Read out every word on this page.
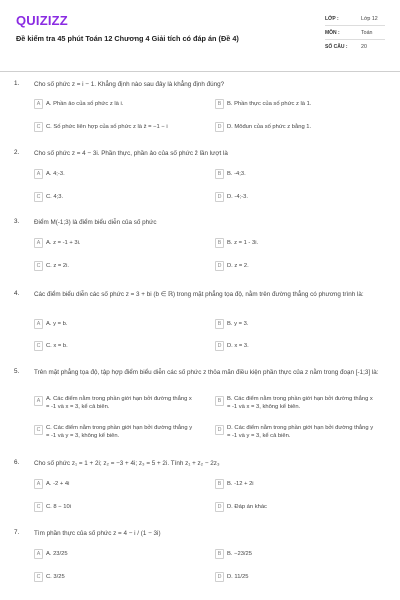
QUIZIZZ
Đề kiểm tra 45 phút Toán 12 Chương 4 Giải tích có đáp án (Đề 4)
LỚP :	Lớp 12
MÔN :	Toán
SỐ CÂU :	20
1. Cho số phức z = i − 1. Khẳng định nào sau đây là khẳng định đúng?
A A. Phần ảo của số phức z là i.	B B. Phần thực của số phức z là 1.
C C. Số phức liên hợp của số phức z là z̄ = −1 − i	D D. Môđun của số phức z bằng 1.
2. Cho số phức z = 4 − 3i. Phần thực, phần ảo của số phức z̄ lần lượt là
A A. 4;-3.	B B. -4;3.
C C. 4;3.	D D. -4;-3.
3. Điểm M(-1;3) là điểm biểu diễn của số phức
A A. z = -1 + 3i.	B B. z = 1 - 3i.
C C. z = 2i.	D D. z = 2.
4. Các điểm biểu diễn các số phức z = 3 + bi (b ∈ ℝ) trong mặt phẳng tọa độ, nằm trên đường thẳng có phương trình là:
A A. y = b.	B B. y = 3.
C C. x = b.	D D. x = 3.
5. Trên mặt phẳng tọa độ, tập hợp điểm biểu diễn các số phức z thỏa mãn điều kiện phần thực của z nằm trong đoạn [-1;3] là:
A A. Các điểm nằm trong phần giới hạn bởi đường thẳng x = -1 và x = 3, kể cả biên.
B B. Các điểm nằm trong phần giới hạn bởi đường thẳng x = -1 và x = 3, không kể biên.
C C. Các điểm nằm trong phần giới hạn bởi đường thẳng y = -1 và y = 3, không kể biên.
D D. Các điểm nằm trong phần giới hạn bởi đường thẳng y = -1 và y = 3, kể cả biên.
6. Cho số phức z₁ = 1 + 2i; z₂ = −3 + 4i; z₃ = 5 + 2i. Tính z₁ + z₂ − 2z₃
A A. -2 + 4i	B B. -12 + 2i
C C. 8 − 10i	D D. Đáp án khác
7. Tìm phần thực của số phức z = 4 − i / (1 − 3i)
A A. 23/25	B B. −23/25
C C. 3/25	D D. 11/25
